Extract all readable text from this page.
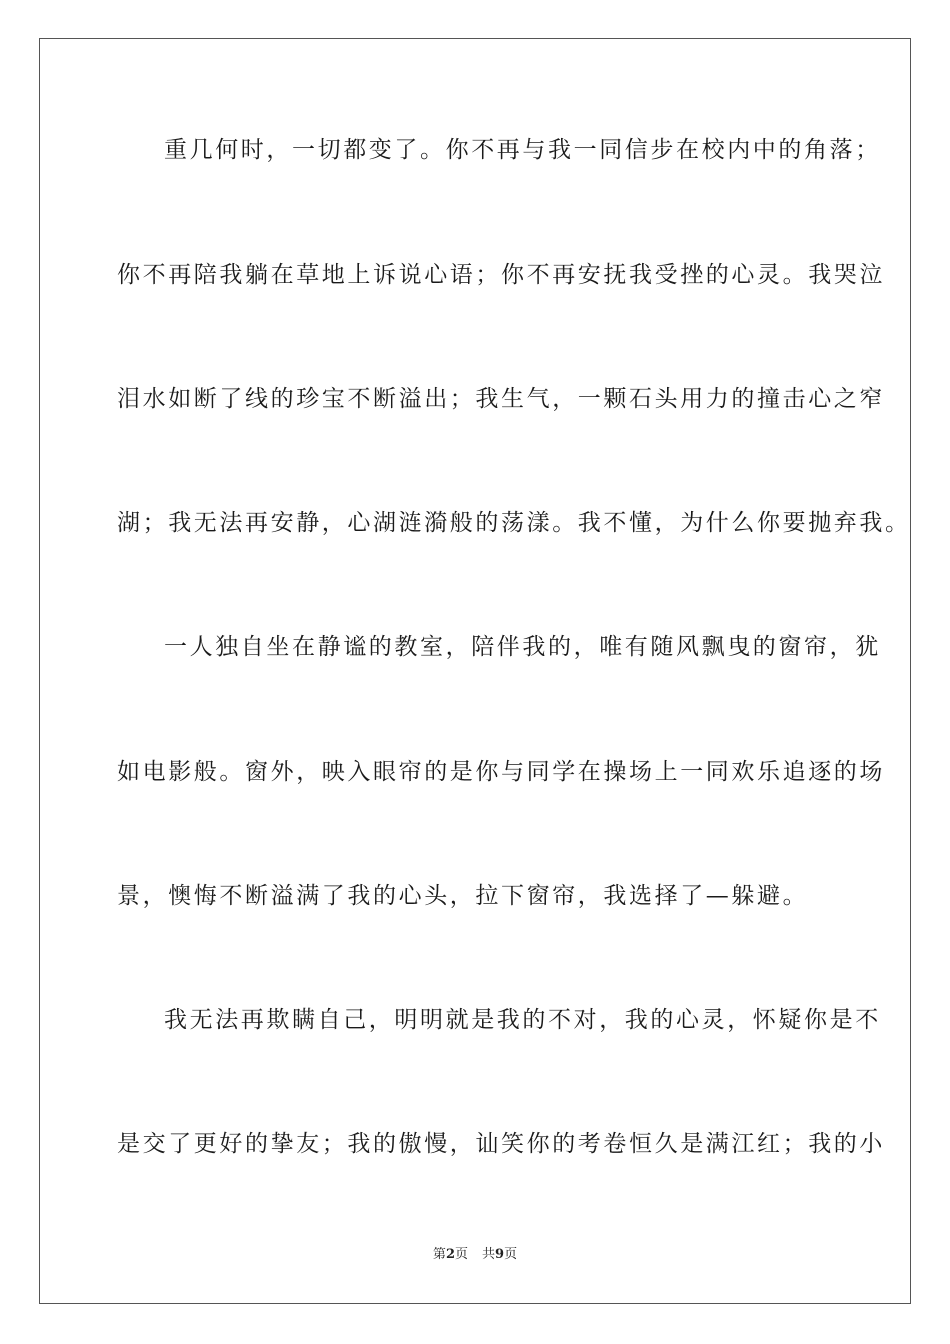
重几何时，一切都变了。你不再与我一同信步在校内中的角落；
你不再陪我躺在草地上诉说心语；你不再安抚我受挫的心灵。我哭泣
泪水如断了线的珍宝不断溢出；我生气，一颗石头用力的撞击心之窄
湖；我无法再安静，心湖涟漪般的荡漾。我不懂，为什么你要抛弃我。
一人独自坐在静谧的教室，陪伴我的，唯有随风飘曳的窗帘，犹
如电影般。窗外，映入眼帘的是你与同学在操场上一同欢乐追逐的场
景，懊悔不断溢满了我的心头，拉下窗帘，我选择了—躲避。
我无法再欺瞒自己，明明就是我的不对，我的心灵，怀疑你是不
是交了更好的挚友；我的傲慢，讪笑你的考卷恒久是满江红；我的小
第2页 共9页
